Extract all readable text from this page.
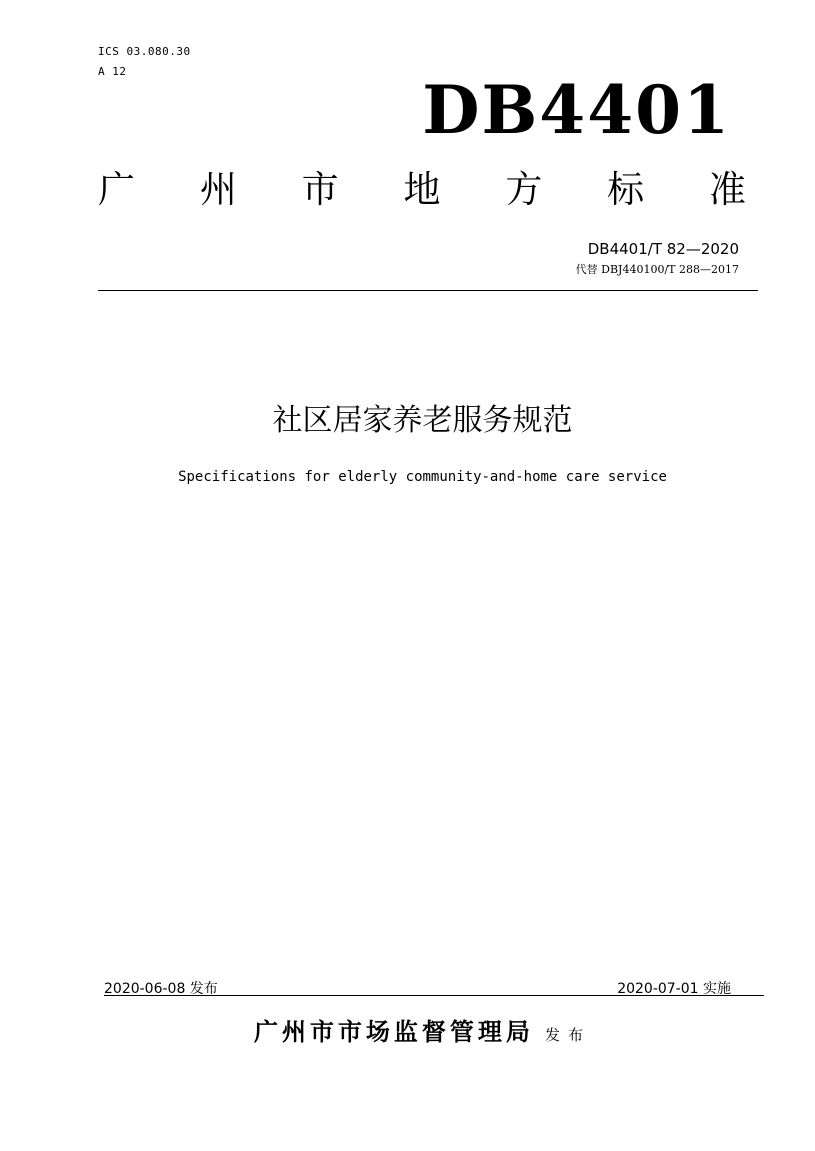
ICS 03.080.30
A 12	DB4401
广 州 市 地 方 标 准
DB4401/T 82—2020
代替 DBJ440100/T 288—2017
社区居家养老服务规范
Specifications for elderly community-and-home care service
2020-06-08 发布	2020-07-01 实施
广州市市场监督管理局 发布
